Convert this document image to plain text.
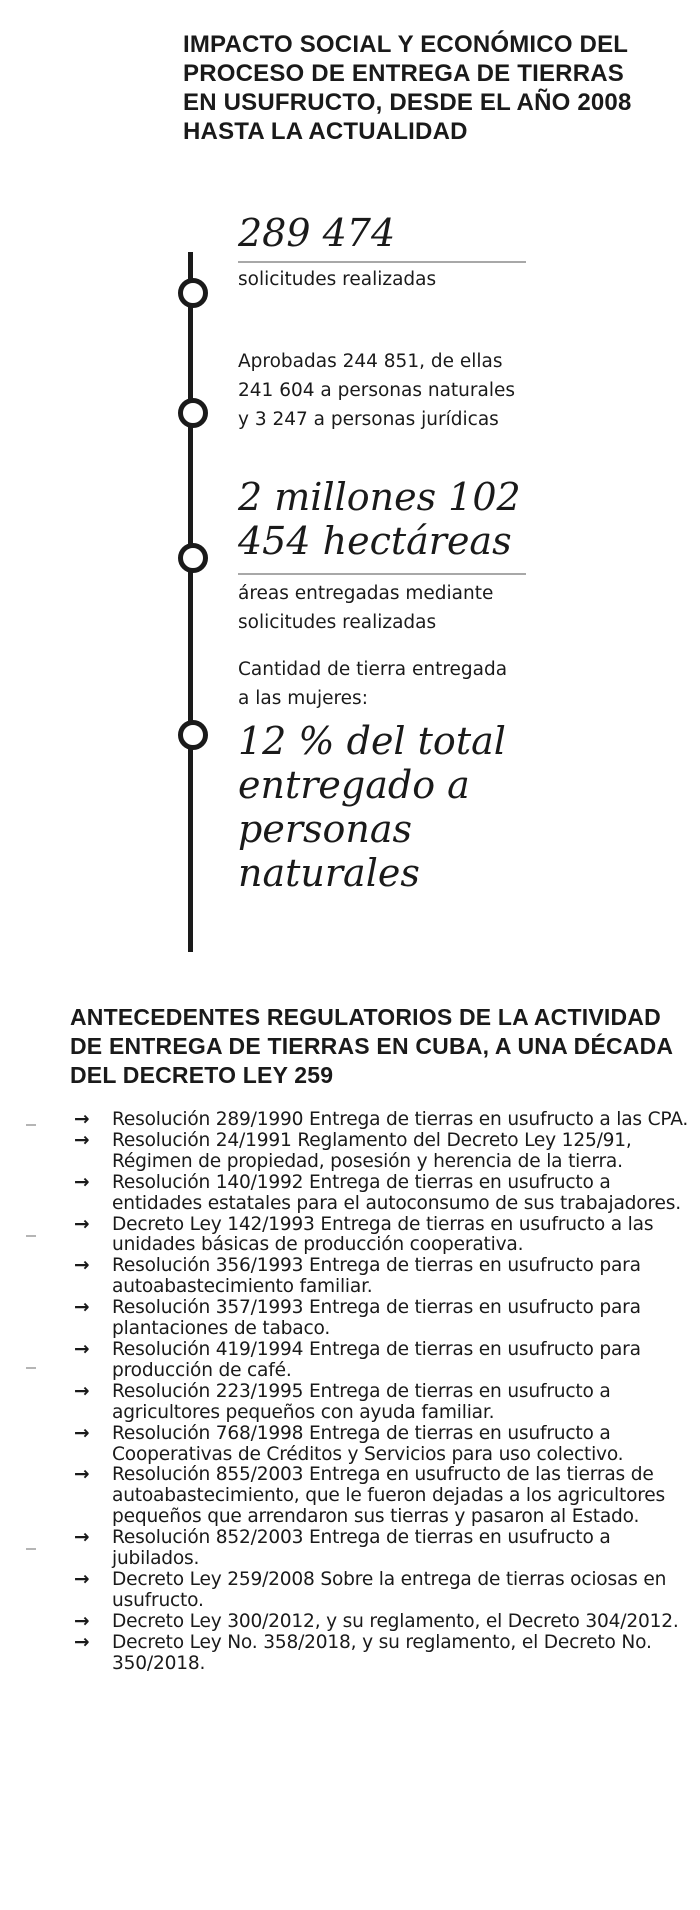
IMPACTO SOCIAL Y ECONÓMICO DEL PROCESO DE ENTREGA DE TIERRAS EN USUFRUCTO, DESDE EL AÑO 2008 HASTA LA ACTUALIDAD
289 474
solicitudes realizadas
Aprobadas 244 851, de ellas
241 604 a personas naturales
y 3 247 a personas jurídicas
2 millones 102
454 hectáreas
áreas entregadas mediante
solicitudes realizadas
Cantidad de tierra entregada
a las mujeres:
12 % del total
entregado a
personas
naturales
ANTECEDENTES REGULATORIOS DE LA ACTIVIDAD
DE ENTREGA DE TIERRAS EN CUBA, A UNA DÉCADA
DEL DECRETO LEY 259
→ Resolución 289/1990 Entrega de tierras en usufructo a las CPA.
→ Resolución 24/1991 Reglamento del Decreto Ley 125/91, Régimen de propiedad, posesión y herencia de la tierra.
→ Resolución 140/1992 Entrega de tierras en usufructo a entidades estatales para el autoconsumo de sus trabajadores.
→ Decreto Ley 142/1993 Entrega de tierras en usufructo a las unidades básicas de producción cooperativa.
→ Resolución 356/1993 Entrega de tierras en usufructo para autoabastecimiento familiar.
→ Resolución 357/1993 Entrega de tierras en usufructo para plantaciones de tabaco.
→ Resolución 419/1994 Entrega de tierras en usufructo para producción de café.
→ Resolución 223/1995 Entrega de tierras en usufructo a agricultores pequeños con ayuda familiar.
→ Resolución 768/1998 Entrega de tierras en usufructo a Cooperativas de Créditos y Servicios para uso colectivo.
→ Resolución 855/2003 Entrega en usufructo de las tierras de autoabastecimiento, que le fueron dejadas a los agricultores pequeños que arrendaron sus tierras y pasaron al Estado.
→ Resolución 852/2003 Entrega de tierras en usufructo a jubilados.
→ Decreto Ley 259/2008 Sobre la entrega de tierras ociosas en usufructo.
→ Decreto Ley 300/2012, y su reglamento, el Decreto 304/2012.
→ Decreto Ley No. 358/2018, y su reglamento, el Decreto No. 350/2018.
